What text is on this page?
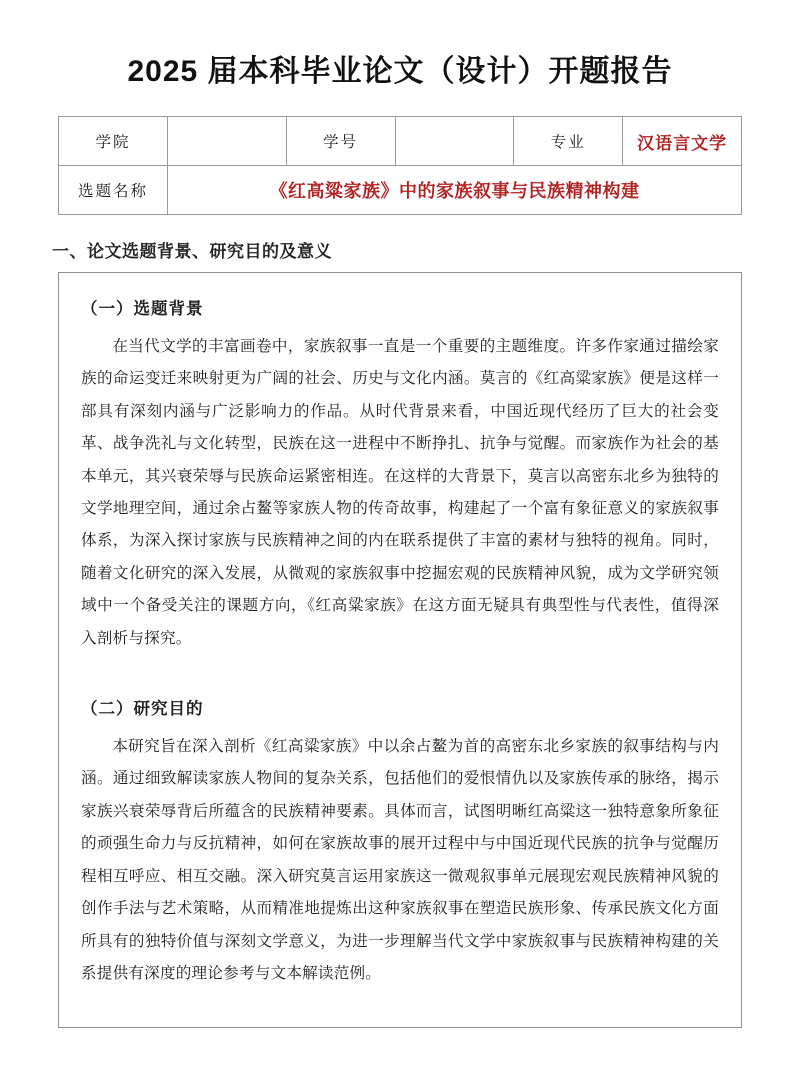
2025 届本科毕业论文（设计）开题报告
学院		学号		专业	汉语言文学
选题名称	《红高粱家族》中的家族叙事与民族精神构建				
一、论文选题背景、研究目的及意义
（一）选题背景

在当代文学的丰富画卷中，家族叙事一直是一个重要的主题维度。许多作家通过描绘家族的命运变迁来映射更为广阔的社会、历史与文化内涵。莫言的《红高粱家族》便是这样一部具有深刻内涵与广泛影响力的作品。从时代背景来看，中国近现代经历了巨大的社会变革、战争洗礼与文化转型，民族在这一进程中不断挣扎、抗争与觉醒。而家族作为社会的基本单元，其兴衰荣辱与民族命运紧密相连。在这样的大背景下，莫言以高密东北乡为独特的文学地理空间，通过余占鳌等家族人物的传奇故事，构建起了一个富有象征意义的家族叙事体系，为深入探讨家族与民族精神之间的内在联系提供了丰富的素材与独特的视角。同时，随着文化研究的深入发展，从微观的家族叙事中挖掘宏观的民族精神风貌，成为文学研究领域中一个备受关注的课题方向，《红高粱家族》在这方面无疑具有典型性与代表性，值得深入剖析与探究。

（二）研究目的

本研究旨在深入剖析《红高粱家族》中以余占鳌为首的高密东北乡家族的叙事结构与内涵。通过细致解读家族人物间的复杂关系，包括他们的爱恨情仇以及家族传承的脉络，揭示家族兴衰荣辱背后所蕴含的民族精神要素。具体而言，试图明晰红高粱这一独特意象所象征的顽强生命力与反抗精神，如何在家族故事的展开过程中与中国近现代民族的抗争与觉醒历程相互呼应、相互交融。深入研究莫言运用家族这一微观叙事单元展现宏观民族精神风貌的创作手法与艺术策略，从而精准地提炼出这种家族叙事在塑造民族形象、传承民族文化方面所具有的独特价值与深刻文学意义，为进一步理解当代文学中家族叙事与民族精神构建的关系提供有深度的理论参考与文本解读范例。
